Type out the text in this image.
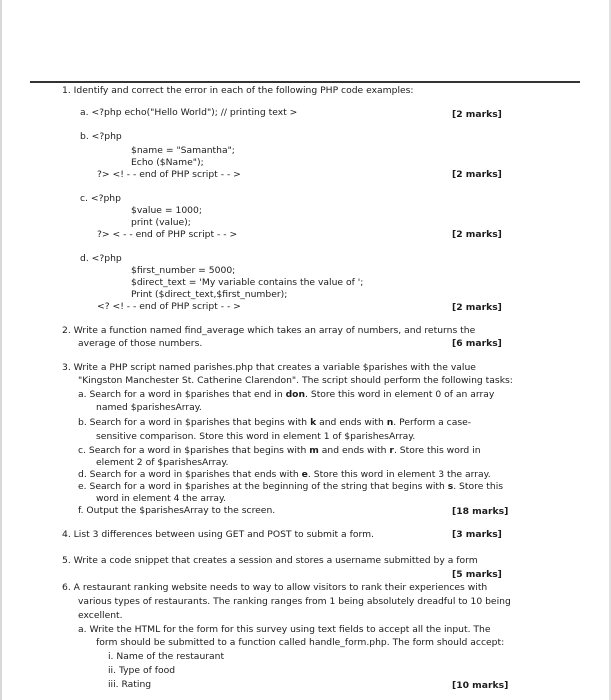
1. Identify and correct the error in each of the following PHP code examples:
a. <?php echo("Hello World"); // printing text >	[2 marks]
b. <?php
$name = "Samantha";
Echo ($Name");
?> <! - - end of PHP script - - >	[2 marks]
c. <?php
$value = 1000;
print (value);
?> < - - end of PHP script - - >	[2 marks]
d. <?php
$first_number = 5000;
$direct_text = 'My variable contains the value of ';
Print ($direct_text,$first_number);
<? <! - - end of PHP script - - >	[2 marks]
2. Write a function named find_average which takes an array of numbers, and returns the
average of those numbers.	[6 marks]
3. Write a PHP script named parishes.php that creates a variable $parishes with the value
"Kingston Manchester St. Catherine Clarendon". The script should perform the following tasks:
a. Search for a word in $parishes that end in don. Store this word in element 0 of an array
named $parishesArray.
b. Search for a word in $parishes that begins with k and ends with n. Perform a case-
sensitive comparison. Store this word in element 1 of $parishesArray.
c. Search for a word in $parishes that begins with m and ends with r. Store this word in
element 2 of $parishesArray.
d. Search for a word in $parishes that ends with e. Store this word in element 3 the array.
e. Search for a word in $parishes at the beginning of the string that begins with s. Store this
word in element 4 the array.
f. Output the $parishesArray to the screen.	[18 marks]
4. List 3 differences between using GET and POST to submit a form.	[3 marks]
5. Write a code snippet that creates a session and stores a username submitted by a form
[5 marks]
6. A restaurant ranking website needs to way to allow visitors to rank their experiences with
various types of restaurants. The ranking ranges from 1 being absolutely dreadful to 10 being
excellent.
a. Write the HTML for the form for this survey using text fields to accept all the input. The
form should be submitted to a function called handle_form.php. The form should accept:
i. Name of the restaurant
ii. Type of food
iii. Rating	[10 marks]
